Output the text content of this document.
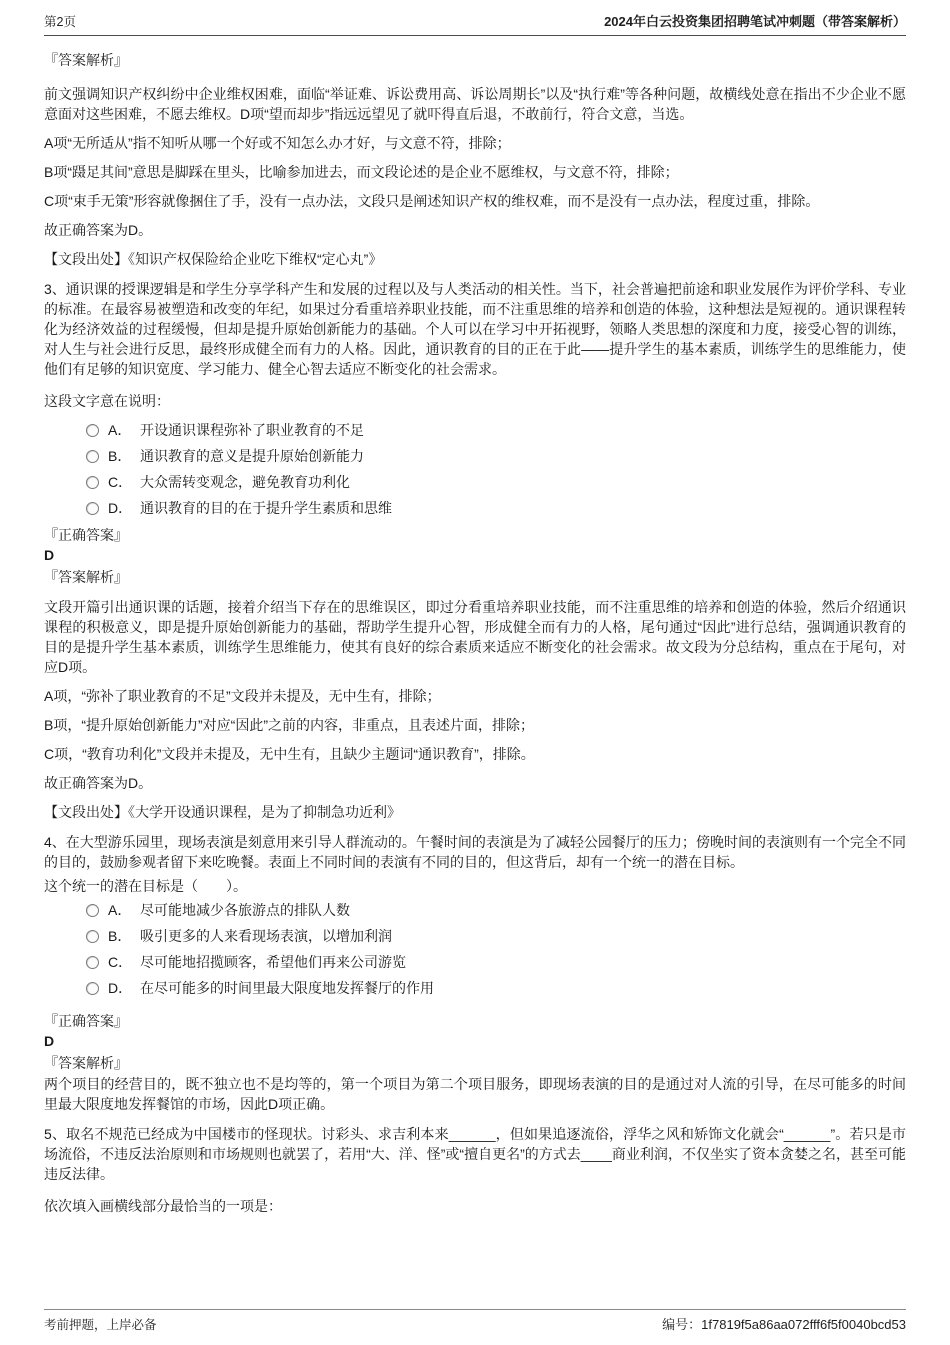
第2页	2024年白云投资集团招聘笔试冲刺题（带答案解析）

『答案解析』

前文强调知识产权纠纷中企业维权困难，面临“举证难、诉讼费用高、诉讼周期长”以及“执行难”等各种问题，故横线处意在指出不少企业不愿意面对这些困难，不愿去维权。D项“望而却步”指远远望见了就吓得直后退，不敢前行，符合文意，当选。

A项“无所适从”指不知听从哪一个好或不知怎么办才好，与文意不符，排除；

B项“蹑足其间”意思是脚踩在里头，比喻参加进去，而文段论述的是企业不愿维权，与文意不符，排除；

C项“束手无策”形容就像捆住了手，没有一点办法，文段只是阐述知识产权的维权难，而不是没有一点办法，程度过重，排除。

故正确答案为D。

【文段出处】《知识产权保险给企业吃下维权“定心丸”》

3、通识课的授课逻辑是和学生分享学科产生和发展的过程以及与人类活动的相关性。当下，社会普遍把前途和职业发展作为评价学科、专业的标准。在最容易被塑造和改变的年纪，如果过分看重培养职业技能，而不注重思维的培养和创造的体验，这种想法是短视的。通识课程转化为经济效益的过程缓慢，但却是提升原始创新能力的基础。个人可以在学习中开拓视野，领略人类思想的深度和力度，接受心智的训练，对人生与社会进行反思，最终形成健全而有力的人格。因此，通识教育的目的正在于此——提升学生的基本素质，训练学生的思维能力，使他们有足够的知识宽度、学习能力、健全心智去适应不断变化的社会需求。

这段文字意在说明：

A． 开设通识课程弥补了职业教育的不足
B． 通识教育的意义是提升原始创新能力
C． 大众需转变观念，避免教育功利化
D． 通识教育的目的在于提升学生素质和思维

『正确答案』

D

『答案解析』

文段开篇引出通识课的话题，接着介绍当下存在的思维误区，即过分看重培养职业技能，而不注重思维的培养和创造的体验，然后介绍通识课程的积极意义，即是提升原始创新能力的基础，帮助学生提升心智，形成健全而有力的人格，尾句通过“因此”进行总结，强调通识教育的目的是提升学生基本素质，训练学生思维能力，使其有良好的综合素质来适应不断变化的社会需求。故文段为分总结构，重点在于尾句，对应D项。

A项，“弥补了职业教育的不足”文段并未提及，无中生有，排除；

B项，“提升原始创新能力”对应“因此”之前的内容，非重点，且表述片面，排除；

C项，“教育功利化”文段并未提及，无中生有，且缺少主题词“通识教育”，排除。

故正确答案为D。

【文段出处】《大学开设通识课程，是为了抑制急功近利》

4、在大型游乐园里，现场表演是刻意用来引导人群流动的。午餐时间的表演是为了减轻公园餐厅的压力；傍晚时间的表演则有一个完全不同的目的，鼓励参观者留下来吃晚餐。表面上不同时间的表演有不同的目的，但这背后，却有一个统一的潜在目标。

这个统一的潜在目标是（　　）。

A． 尽可能地减少各旅游点的排队人数
B． 吸引更多的人来看现场表演，以增加利润
C． 尽可能地招揽顾客，希望他们再来公司游览
D． 在尽可能多的时间里最大限度地发挥餐厅的作用

『正确答案』

D

『答案解析』

两个项目的经营目的，既不独立也不是均等的，第一个项目为第二个项目服务，即现场表演的目的是通过对人流的引导，在尽可能多的时间里最大限度地发挥餐馆的市场，因此D项正确。

5、取名不规范已经成为中国楼市的怪现状。讨彩头、求吉利本来______，但如果追逐流俗，浮华之风和矫饰文化就会“______”。若只是市场流俗，不违反法治原则和市场规则也就罢了，若用“大、洋、怪”或“擅自更名”的方式去____商业利润，不仅坐实了资本贪婪之名，甚至可能违反法律。

依次填入画横线部分最恰当的一项是：

考前押题，上岸必备	编号：1f7819f5a86aa072fff6f5f0040bcd53
